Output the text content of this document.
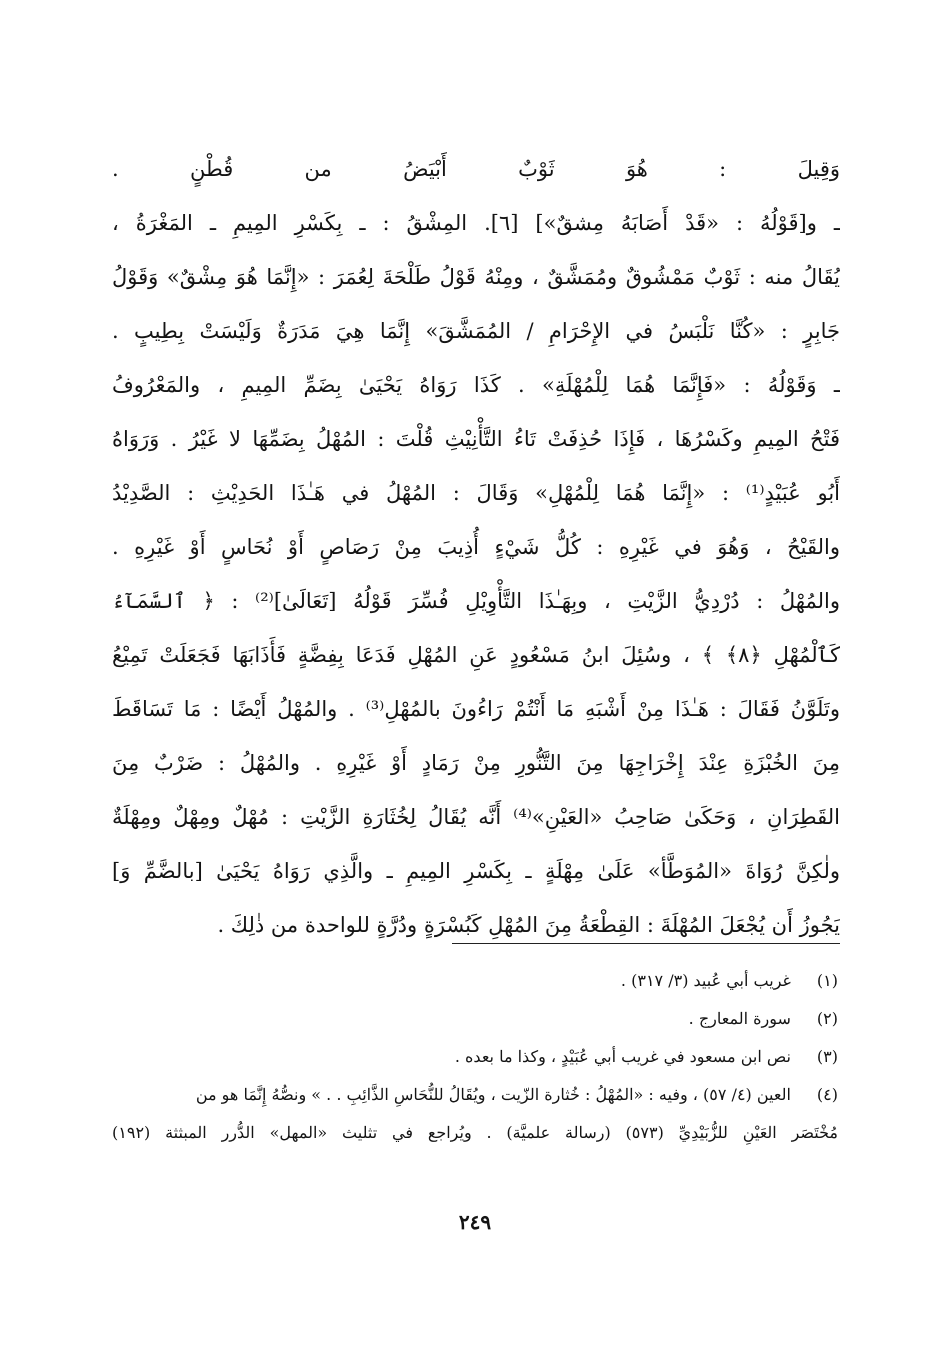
وَقِيلَ : هُوَ ثَوْبٌ أَبْيَضُ من قُطْنٍ .
ـ و[قَوْلُهُ : «قَدْ أَصَابَهُ مِشقٌ»] [٦]. المِشْقُ : ـ بِكَسْرِ المِيمِ ـ المَغْرَةُ ،
يُقَالُ منه : ثَوْبٌ مَمْشُوقٌ ومُمَشَّقٌ ، ومِنْهُ قَوْلُ طَلْحَةَ لِعُمَرَ : «إِنَّمَا هُوَ مِشْقٌ» وَقَوْلُ
جَابِرٍ : «كُنَّا نَلْبَسُ في الإِحْرَامِ / المُمَشَّقَ» إِنَّمَا هِيَ مَدَرَةٌ وَلَيْسَتْ بِطِيبٍ .
ـ وَقَوْلُهُ : «فَإِنَّمَا هُمَا لِلْمُهْلَةِ» . كَذَا رَوَاهُ يَحْيَىٰ بِضَمِّ المِيمِ ، والمَعْرُوفُ
فَتْحُ المِيمِ وكَسْرُهَا ، فَإِذَا حُذِفَتْ تَاءُ التَّأْنِيْثِ قُلْتَ : المُهْلُ بِضَمِّهَا لا غَيْرُ . وَرَوَاهُ
أَبُو عُبَيْدٍ⁽¹⁾ : «إِنَّمَا هُمَا لِلْمُهْلِ» وَقَالَ : المُهْلُ في هَـٰذَا الحَدِيْثِ : الصَّدِيْدُ
والقَيْحُ ، وَهُوَ في غَيْرِهِ : كُلُّ شَيْءٍ أُذِيبَ مِنْ رَصَاصٍ أَوْ نُحَاسٍ أَوْ غَيْرِهِ .
والمُهْلُ : دُرْدِيُّ الزَّيْتِ ، وبِهَـٰذَا التَّأْوِيْلِ فُسِّرَ قَوْلُهُ [تَعَالَىٰ]⁽²⁾ : ﴿ ٱلسَّمَآءُ
كَٱلْمُهْلِ ﴿٨﴾ ﴾ ، وسُئِلَ ابنُ مَسْعُودٍ عَنِ المُهْلِ فَدَعَا بِفِضَّةٍ فَأَذَابَهَا فَجَعَلَتْ تَمِيْعُ
وتَلَوَّنُ فَقَالَ : هَـٰذَا مِنْ أَشْبَهِ مَا أَنْتُمْ رَاءُونَ بالمُهْلِ⁽³⁾ . والمُهْلُ أَيْضًا : مَا تَسَاقَطَ
مِنَ الخُبْزَةِ عِنْدَ إِخْرَاجِهَا مِنَ التَّنُّورِ مِنْ رَمَادٍ أَوْ غَيْرِهِ . والمُهْلُ : ضَرْبٌ مِنَ
القَطِرَانِ ، وَحَكَىٰ صَاحِبُ «العَيْنِ»⁽⁴⁾ أَنَّه يُقَالُ لِخُثَارَةِ الزَّيْتِ : مُهْلٌ ومِهْلٌ ومِهْلَةٌ
ولٰكِنَّ رُوَاةَ «المُوَطَّأ» عَلَىٰ مِهْلَةٍ ـ بِكَسْرِ المِيمِ ـ والَّذِي رَوَاهُ يَحْيَىٰ [بالضَّمِّ وَ]
يَجُوزُ أَن يُجْعَلَ المُهْلَةَ : القِطْعَةُ مِنَ المُهْلِ كَبُسْرَةٍ ودُرَّةٍ للواحدة من ذٰلِكَ .
(١) غريب أبي عُبيد (٣/ ٣١٧) .
(٢) سورة المعارج .
(٣) نص ابن مسعود في غريب أبي عُبَيْدٍ ، وكذا ما بعده .
(٤) العين (٤/ ٥٧) ، وفيه : «المُهْلُ : خُثارة الزّيت ، ويُقَالُ للنُّحَاسِ الذَّائِبِ . . » ونصُّهُ إِنَّمَا هو من
مُخْتَصَر العَيْنِ للزُّبَيْدِيِّ (٥٧٣) (رسالة علميَّة) . ويُراجع في تثليث «المهل» الدُّرر المبثثة (١٩٢)
٢٤٩
